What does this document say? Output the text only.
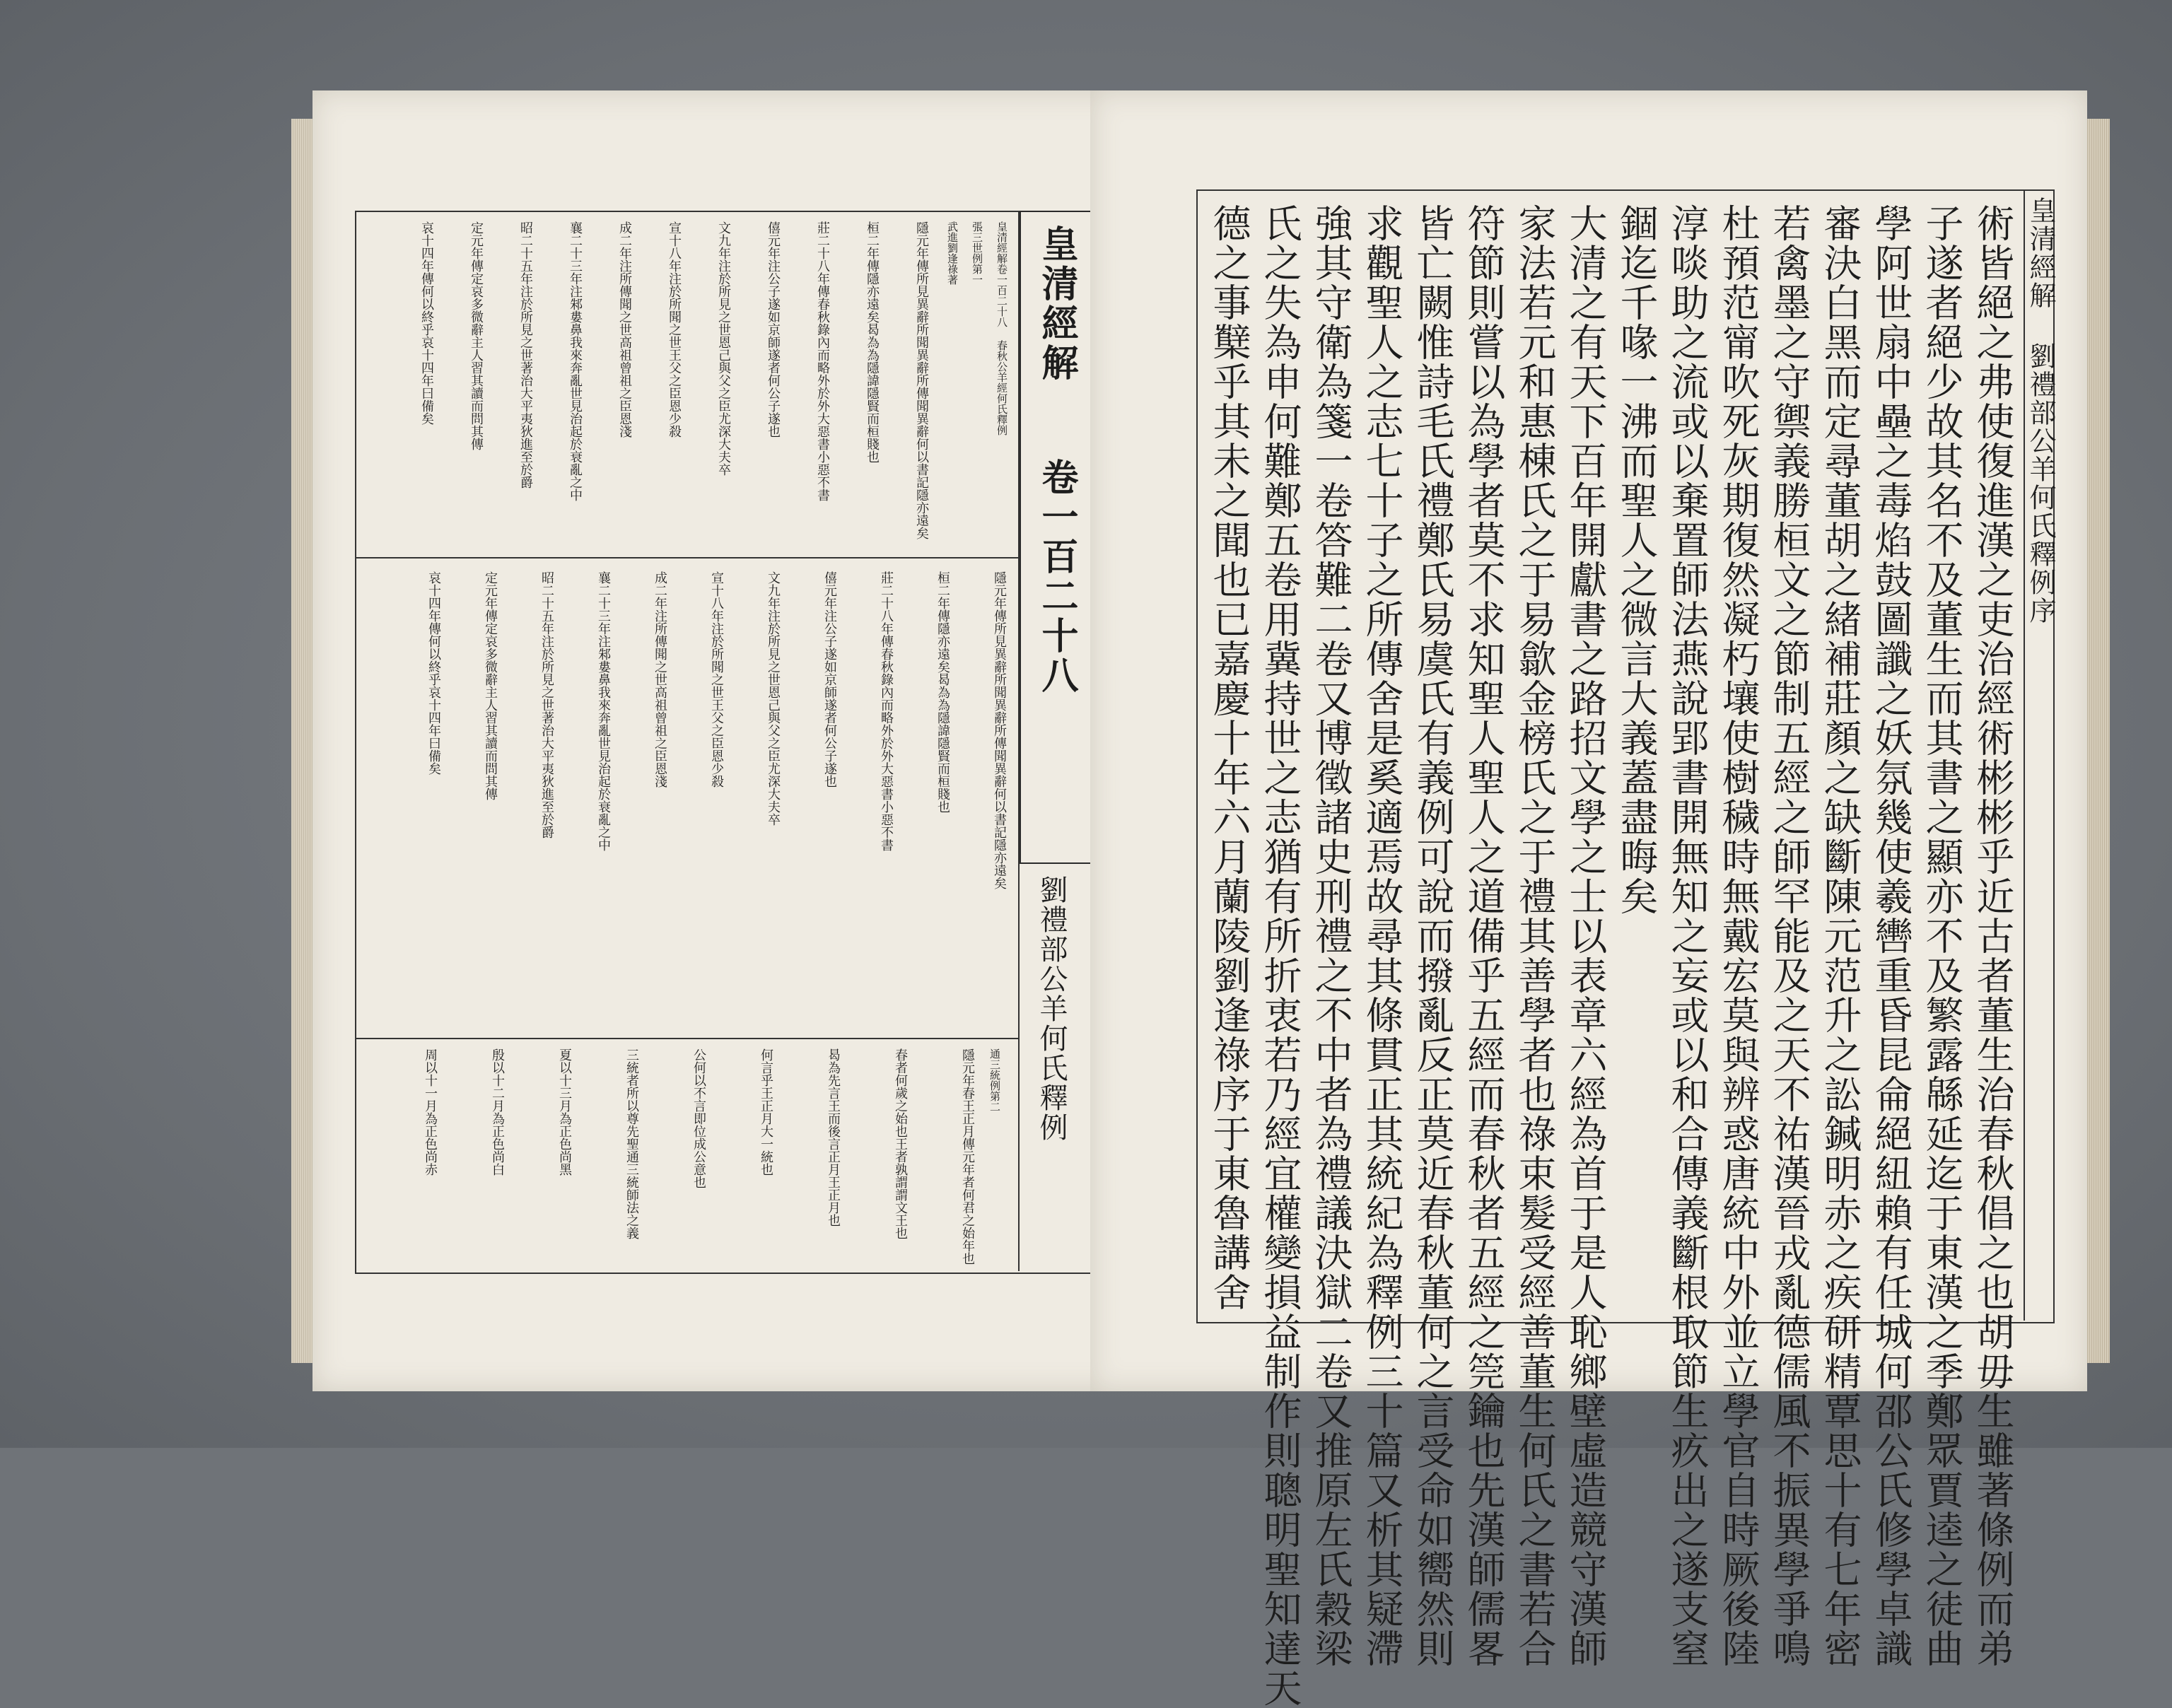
皇清經解
卷一百二十八
皇清經解卷一百二十八 春秋公羊經何氏釋例
張三世例第一
武進劉逢祿著
隱元年傳所見異辭所聞異辭所傳聞異辭何以書記隱亦遠矣
桓二年傳隱亦遠矣曷為為隱諱隱賢而桓賤也
莊二十八年傳春秋錄內而略外於外大惡書小惡不書
僖元年注公子遂如京師遂者何公子遂也
文九年注於所見之世恩己與父之臣尤深大夫卒
宣十八年注於所聞之世王父之臣恩少殺
成二年注所傳聞之世高祖曾祖之臣恩淺
襄二十三年注邾婁鼻我來奔亂世見治起於衰亂之中
昭二十五年注於所見之世著治大平夷狄進至於爵
定元年傳定哀多微辭主人習其讀而問其傳
哀十四年傳何以終乎哀十四年曰備矣
劉禮部公羊何氏釋例
隱元年傳所見異辭所聞異辭所傳聞異辭何以書記隱亦遠矣
桓二年傳隱亦遠矣曷為為隱諱隱賢而桓賤也
莊二十八年傳春秋錄內而略外於外大惡書小惡不書
僖元年注公子遂如京師遂者何公子遂也
文九年注於所見之世恩己與父之臣尤深大夫卒
宣十八年注於所聞之世王父之臣恩少殺
成二年注所傳聞之世高祖曾祖之臣恩淺
襄二十三年注邾婁鼻我來奔亂世見治起於衰亂之中
昭二十五年注於所見之世著治大平夷狄進至於爵
定元年傳定哀多微辭主人習其讀而問其傳
哀十四年傳何以終乎哀十四年曰備矣
通三統例第二
隱元年春王正月傳元年者何君之始年也
春者何歲之始也王者孰謂謂文王也
曷為先言王而後言正月王正月也
何言乎王正月大一統也
公何以不言即位成公意也
三統者所以尊先聖通三統師法之義
夏以十三月為正色尚黑
殷以十二月為正色尚白
周以十一月為正色尚赤
皇清經解 劉禮部公羊何氏釋例序
術皆絕之弗使復進漢之吏治經術彬彬乎近古者董生治春秋倡之也胡毋生雖著條例而弟
子遂者絕少故其名不及董生而其書之顯亦不及繁露緜延迄于東漢之季鄭眾賈逵之徒曲
學阿世扇中壘之毒焰鼓圖讖之妖氛幾使羲轡重昏昆侖絕紐賴有任城何邵公氏修學卓識
審決白黑而定尋董胡之緒補莊顏之缺斷陳元范升之訟鍼明赤之疾研精覃思十有七年密
若禽墨之守禦義勝桓文之節制五經之師罕能及之天不祐漢晉戎亂德儒風不振異學爭鳴
杜預范甯吹死灰期復然凝朽壤使樹穢時無戴宏莫與辨惑唐統中外並立學官自時厥後陸
淳啖助之流或以棄置師法燕說郢書開無知之妄或以和合傳義斷根取節生疚出之遂支窒
錮迄千喙一沸而聖人之微言大義蓋盡晦矣
大清之有天下百年開獻書之路招文學之士以表章六經為首于是人恥鄉壁虛造競守漢師
家法若元和惠棟氏之于易歙金榜氏之于禮其善學者也祿束髮受經善董生何氏之書若合
符節則嘗以為學者莫不求知聖人聖人之道備乎五經而春秋者五經之筦鑰也先漢師儒畧
皆亡闕惟詩毛氏禮鄭氏易虞氏有義例可說而撥亂反正莫近春秋董何之言受命如嚮然則
求觀聖人之志七十子之所傳舍是奚適焉故尋其條貫正其統紀為釋例三十篇又析其疑滯
強其守衛為箋一卷答難二卷又博徵諸史刑禮之不中者為禮議決獄二卷又推原左氏穀梁
氏之失為申何難鄭五卷用冀持世之志猶有所折衷若乃經宜權變損益制作則聰明聖知達天
德之事櫱乎其未之聞也已嘉慶十年六月蘭陵劉逢祿序于東魯講舍
